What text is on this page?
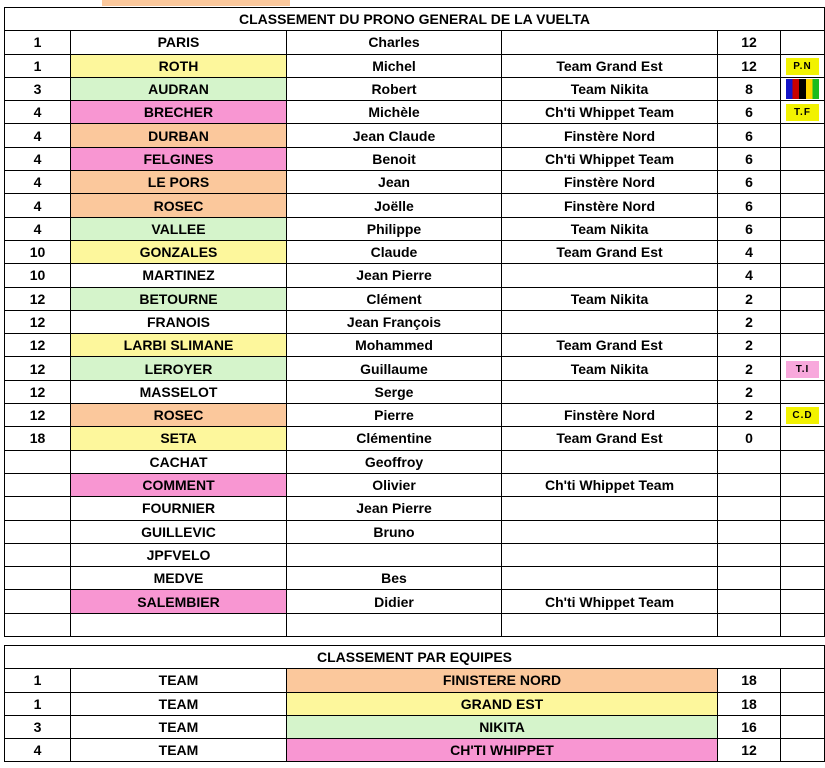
CLASSEMENT DU PRONO GENERAL DE LA VUELTA					
1	PARIS	Charles		12	
1	ROTH	Michel	Team Grand Est	12	P.N
3	AUDRAN	Robert	Team Nikita	8	
4	BRECHER	Michèle	Ch'ti Whippet Team	6	T.F
4	DURBAN	Jean Claude	Finstère Nord	6	
4	FELGINES	Benoit	Ch'ti Whippet Team	6	
4	LE PORS	Jean	Finstère Nord	6	
4	ROSEC	Joëlle	Finstère Nord	6	
4	VALLEE	Philippe	Team Nikita	6	
10	GONZALES	Claude	Team Grand Est	4	
10	MARTINEZ	Jean Pierre		4	
12	BETOURNE	Clément	Team Nikita	2	
12	FRANOIS	Jean François		2	
12	LARBI SLIMANE	Mohammed	Team Grand Est	2	
12	LEROYER	Guillaume	Team Nikita	2	T.I
12	MASSELOT	Serge		2	
12	ROSEC	Pierre	Finstère Nord	2	C.D
18	SETA	Clémentine	Team Grand Est	0	
	CACHAT	Geoffroy			
	COMMENT	Olivier	Ch'ti Whippet Team		
	FOURNIER	Jean Pierre			
	GUILLEVIC	Bruno			
	JPFVELO				
	MEDVE	Bes			
	SALEMBIER	Didier	Ch'ti Whippet Team		

CLASSEMENT PAR EQUIPES				
1	TEAM	FINISTERE NORD	18	
1	TEAM	GRAND EST	18	
3	TEAM	NIKITA	16	
4	TEAM	CH'TI WHIPPET	12	
